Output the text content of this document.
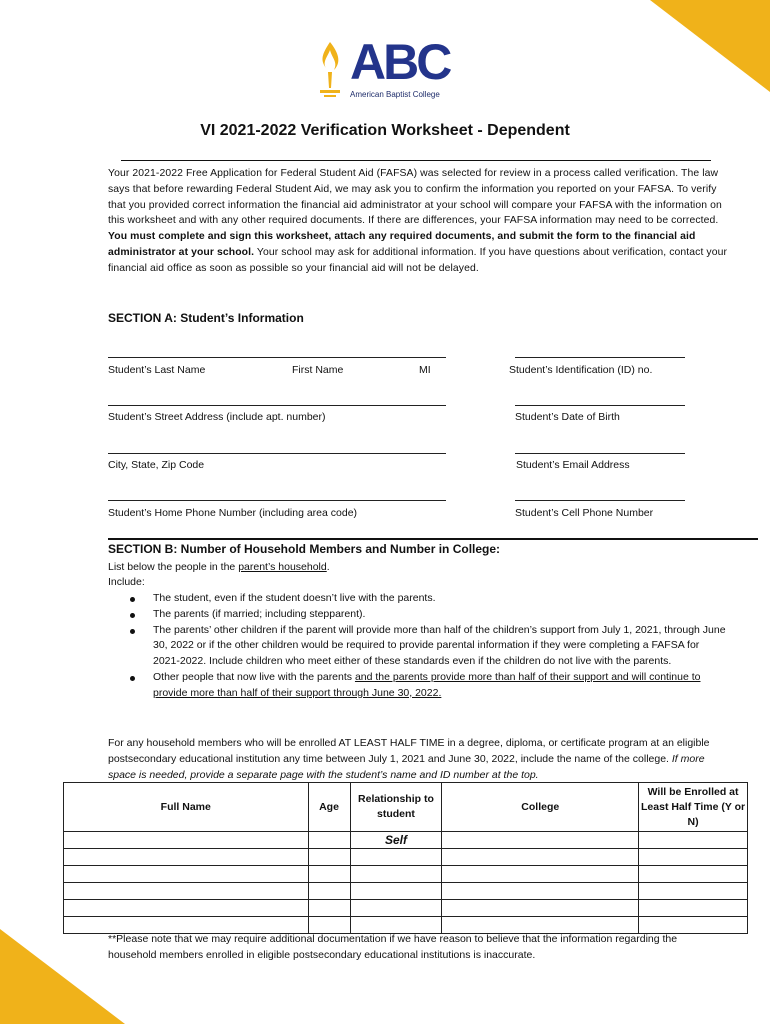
ABC
American Baptist College
VI 2021-2022 Verification Worksheet - Dependent
Your 2021-2022 Free Application for Federal Student Aid (FAFSA) was selected for review in a process called verification. The law says that before rewarding Federal Student Aid, we may ask you to confirm the information you reported on your FAFSA. To verify that you provided correct information the financial aid administrator at your school will compare your FAFSA with the information on this worksheet and with any other required documents. If there are differences, your FAFSA information may need to be corrected. You must complete and sign this worksheet, attach any required documents, and submit the form to the financial aid administrator at your school. Your school may ask for additional information. If you have questions about verification, contact your financial aid office as soon as possible so your financial aid will not be delayed.
SECTION A: Student’s Information
Student’s Last Name	First Name	MI	Student’s Identification (ID) no.
Student’s Street Address (include apt. number)	Student’s Date of Birth
City, State, Zip Code	Student’s Email Address
Student’s Home Phone Number (including area code)	Student’s Cell Phone Number
SECTION B: Number of Household Members and Number in College:
List below the people in the parent’s household.
Include:
The student, even if the student doesn’t live with the parents.
The parents (if married; including stepparent).
The parents’ other children if the parent will provide more than half of the children’s support from July 1, 2021, through June 30, 2022 or if the other children would be required to provide parental information if they were completing a FAFSA for 2021-2022. Include children who meet either of these standards even if the children do not live with the parents.
Other people that now live with the parents and the parents provide more than half of their support and will continue to provide more than half of their support through June 30, 2022.
For any household members who will be enrolled AT LEAST HALF TIME in a degree, diploma, or certificate program at an eligible postsecondary educational institution any time between July 1, 2021 and June 30, 2022, include the name of the college. If more space is needed, provide a separate page with the student’s name and ID number at the top.
Full Name	Age	Relationship to student	College	Will be Enrolled at Least Half Time (Y or N)
		Self		

**Please note that we may require additional documentation if we have reason to believe that the information regarding the household members enrolled in eligible postsecondary educational institutions is inaccurate.
